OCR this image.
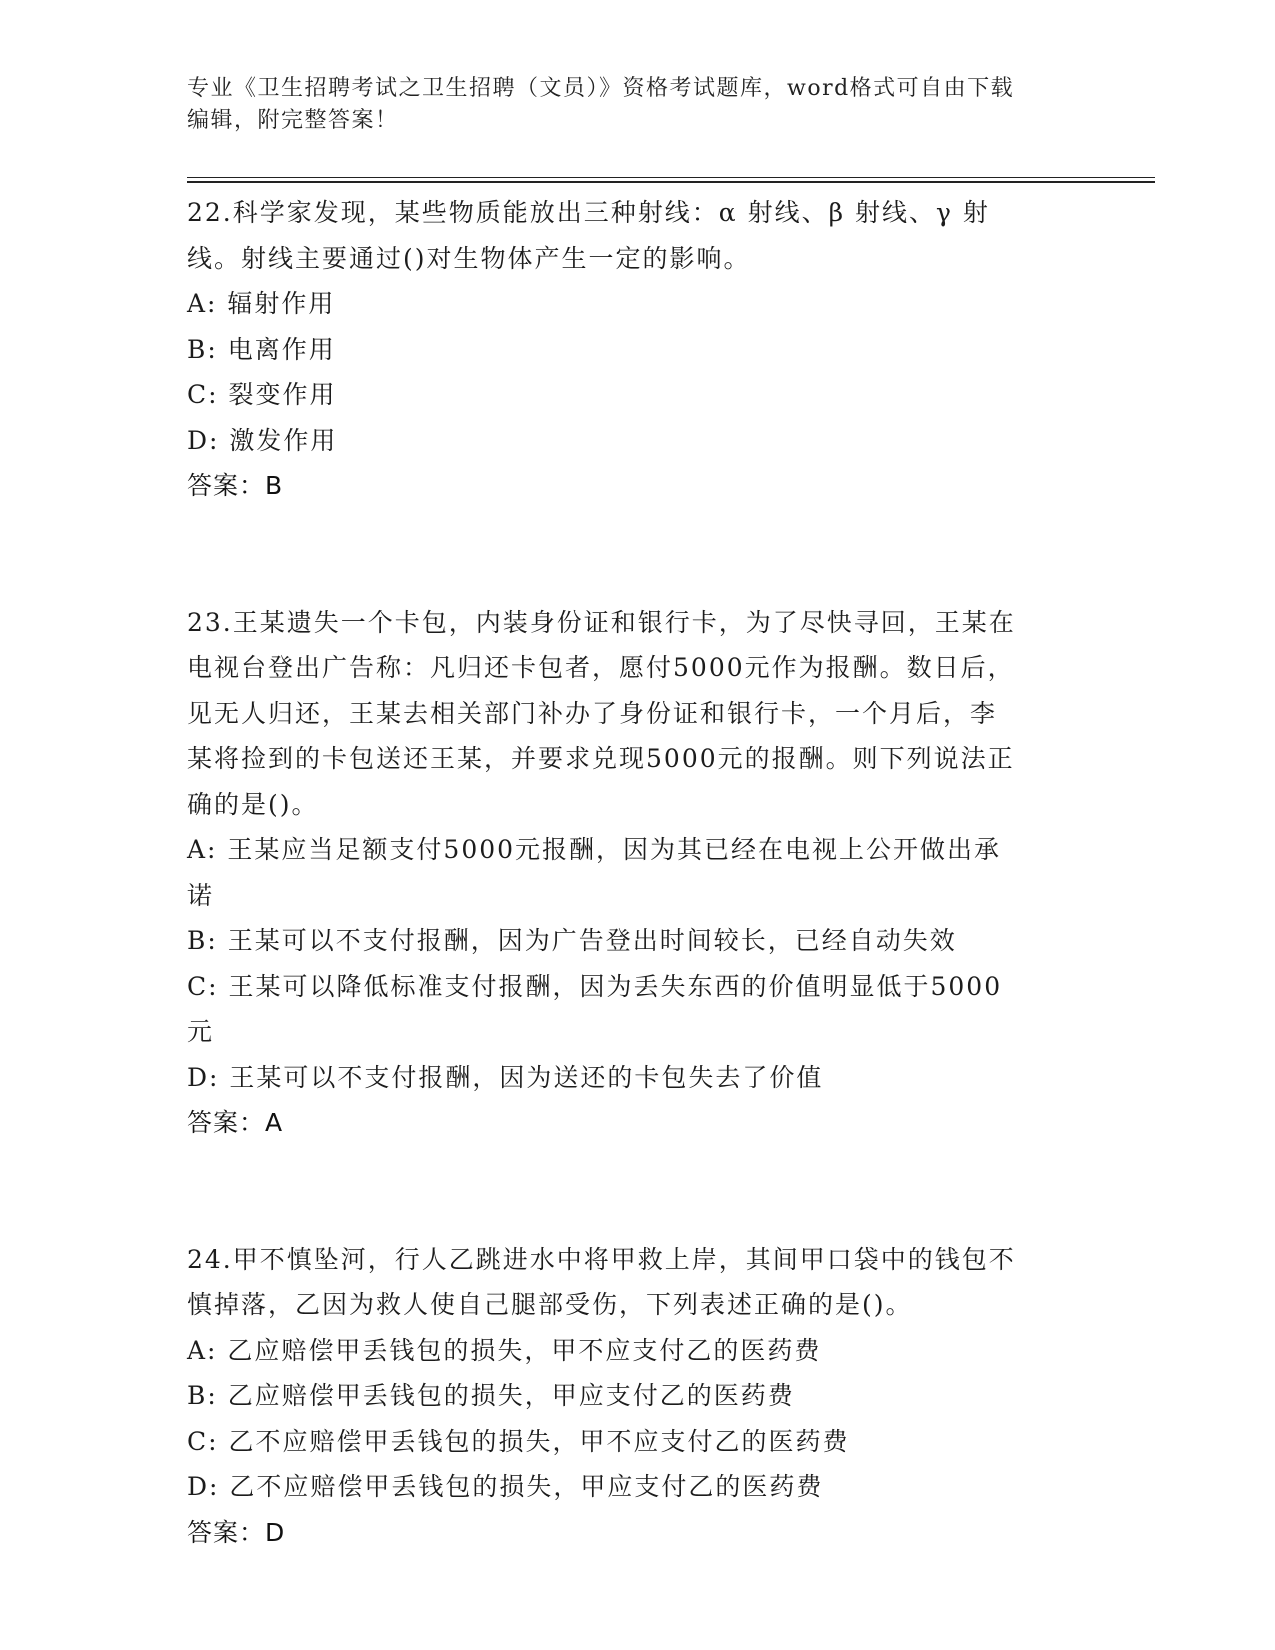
专业《卫生招聘考试之卫生招聘（文员）》资格考试题库，word格式可自由下载
编辑，附完整答案！
22.科学家发现，某些物质能放出三种射线：α 射线、β 射线、γ 射
线。射线主要通过()对生物体产生一定的影响。
A: 辐射作用
B: 电离作用
C: 裂变作用
D: 激发作用
答案：B
23.王某遗失一个卡包，内装身份证和银行卡，为了尽快寻回，王某在
电视台登出广告称：凡归还卡包者，愿付5000元作为报酬。数日后，
见无人归还，王某去相关部门补办了身份证和银行卡，一个月后，李
某将捡到的卡包送还王某，并要求兑现5000元的报酬。则下列说法正
确的是()。
A: 王某应当足额支付5000元报酬，因为其已经在电视上公开做出承
诺
B: 王某可以不支付报酬，因为广告登出时间较长，已经自动失效
C: 王某可以降低标准支付报酬，因为丢失东西的价值明显低于5000
元
D: 王某可以不支付报酬，因为送还的卡包失去了价值
答案：A
24.甲不慎坠河，行人乙跳进水中将甲救上岸，其间甲口袋中的钱包不
慎掉落，乙因为救人使自己腿部受伤，下列表述正确的是()。
A: 乙应赔偿甲丢钱包的损失，甲不应支付乙的医药费
B: 乙应赔偿甲丢钱包的损失，甲应支付乙的医药费
C: 乙不应赔偿甲丢钱包的损失，甲不应支付乙的医药费
D: 乙不应赔偿甲丢钱包的损失，甲应支付乙的医药费
答案：D
